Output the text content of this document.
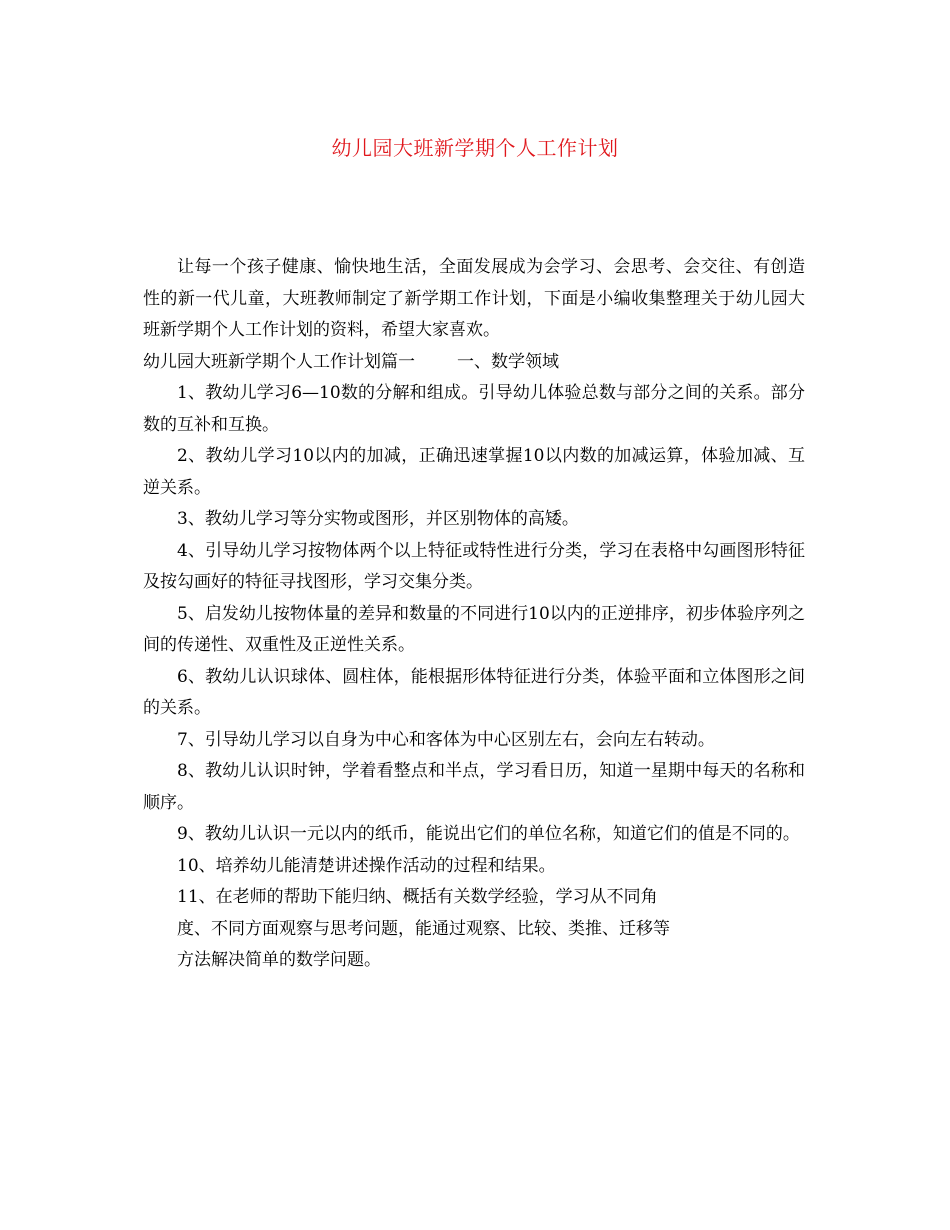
幼儿园大班新学期个人工作计划

让每一个孩子健康、愉快地生活，全面发展成为会学习、会思考、会交往、有创造性的新一代儿童，大班教师制定了新学期工作计划，下面是小编收集整理关于幼儿园大班新学期个人工作计划的资料，希望大家喜欢。

幼儿园大班新学期个人工作计划篇一 一、数学领域

1、教幼儿学习6—10数的分解和组成。引导幼儿体验总数与部分之间的关系。部分数的互补和互换。

2、教幼儿学习10以内的加减，正确迅速掌握10以内数的加减运算，体验加减、互逆关系。

3、教幼儿学习等分实物或图形，并区别物体的高矮。

4、引导幼儿学习按物体两个以上特征或特性进行分类，学习在表格中勾画图形特征及按勾画好的特征寻找图形，学习交集分类。

5、启发幼儿按物体量的差异和数量的不同进行10以内的正逆排序，初步体验序列之间的传递性、双重性及正逆性关系。

6、教幼儿认识球体、圆柱体，能根据形体特征进行分类，体验平面和立体图形之间的关系。

7、引导幼儿学习以自身为中心和客体为中心区别左右，会向左右转动。

8、教幼儿认识时钟，学着看整点和半点，学习看日历，知道一星期中每天的名称和顺序。

9、教幼儿认识一元以内的纸币，能说出它们的单位名称，知道它们的值是不同的。

10、培养幼儿能清楚讲述操作活动的过程和结果。

11、在老师的帮助下能归纳、概括有关数学经验，学习从不同角

度、不同方面观察与思考问题，能通过观察、比较、类推、迁移等

方法解决简单的数学问题。
